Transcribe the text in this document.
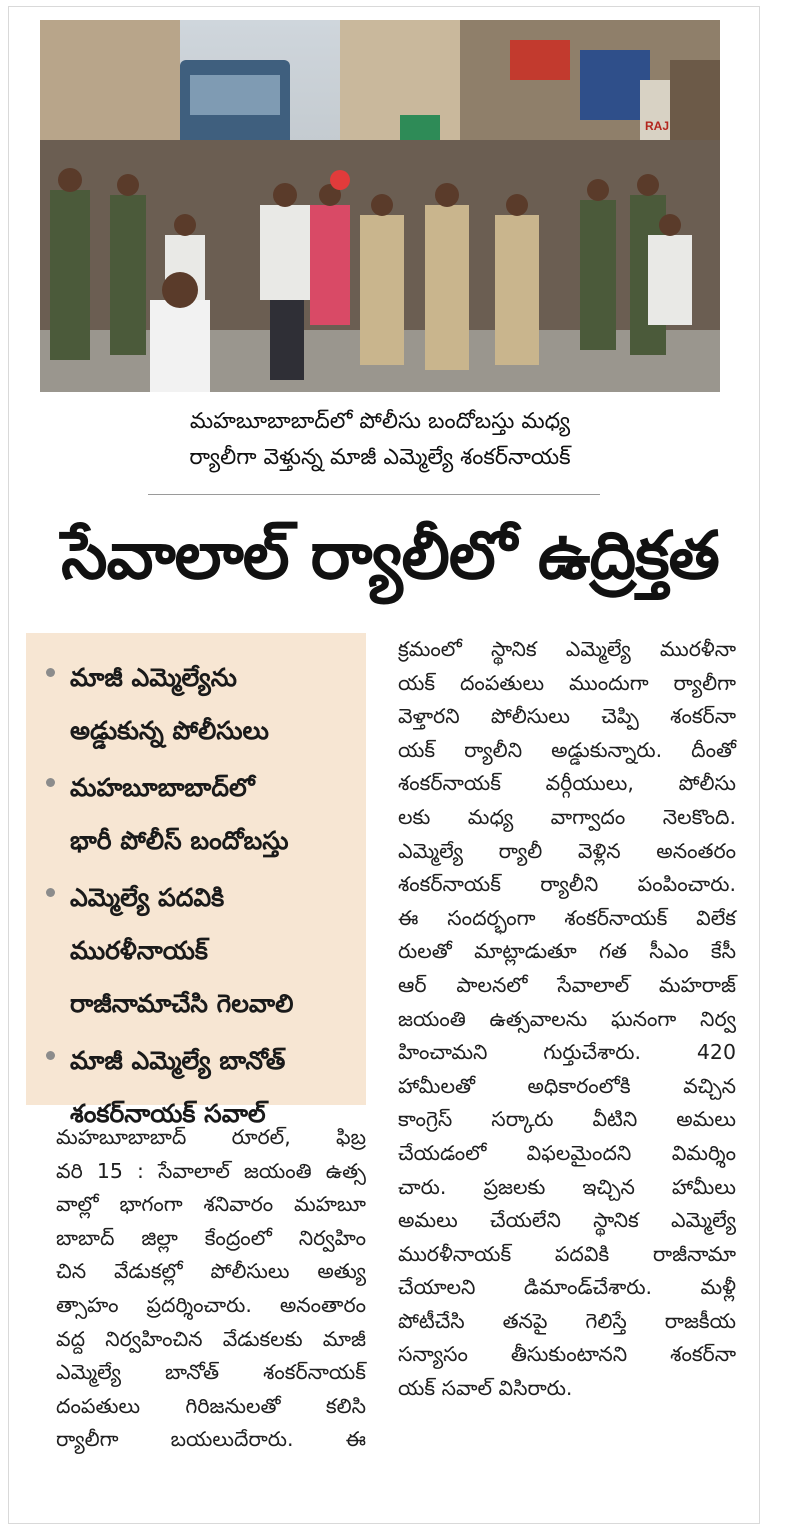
RAJ
మహబూబాబాద్‌లో పోలీసు బందోబస్తు మధ్య
ర్యాలీగా వెళ్తున్న మాజీ ఎమ్మెల్యే శంకర్‌నాయక్
సేవాలాల్ ర్యాలీలో ఉద్రిక్తత
మాజీ ఎమ్మెల్యేను
అడ్డుకున్న పోలీసులు
మహబూబాబాద్‌లో
భారీ పోలీస్ బందోబస్తు
ఎమ్మెల్యే పదవికి
మురళీనాయక్
రాజీనామాచేసి గెలవాలి
మాజీ ఎమ్మెల్యే బానోత్
శంకర్‌నాయక్ సవాల్
మహబూబాబాద్ రూరల్, ఫిబ్ర
వరి 15 : సేవాలాల్ జయంతి ఉత్స
వాల్లో భాగంగా శనివారం మహబూ
బాబాద్ జిల్లా కేంద్రంలో నిర్వహిం
చిన వేడుకల్లో పోలీసులు అత్యు
త్సాహం ప్రదర్శించారు. అనంతారం
వద్ద నిర్వహించిన వేడుకలకు మాజీ
ఎమ్మెల్యే బానోత్ శంకర్‌నాయక్
దంపతులు గిరిజనులతో కలిసి
ర్యాలీగా బయలుదేరారు. ఈ
క్రమంలో స్థానిక ఎమ్మెల్యే మురళీనా
యక్ దంపతులు ముందుగా ర్యాలీగా
వెళ్తారని పోలీసులు చెప్పి శంకర్‌నా
యక్ ర్యాలీని అడ్డుకున్నారు. దీంతో
శంకర్‌నాయక్ వర్గీయులు, పోలీసు
లకు మధ్య వాగ్వాదం నెలకొంది.
ఎమ్మెల్యే ర్యాలీ వెళ్లిన అనంతరం
శంకర్‌నాయక్ ర్యాలీని పంపించారు.
ఈ సందర్భంగా శంకర్‌నాయక్ విలేక
రులతో మాట్లాడుతూ గత సీఎం కేసీ
ఆర్ పాలనలో సేవాలాల్ మహరాజ్
జయంతి ఉత్సవాలను ఘనంగా నిర్వ
హించామని గుర్తుచేశారు. 420
హామీలతో అధికారంలోకి వచ్చిన
కాంగ్రెస్ సర్కారు వీటిని అమలు
చేయడంలో విఫలమైందని విమర్శిం
చారు. ప్రజలకు ఇచ్చిన హామీలు
అమలు చేయలేని స్థానిక ఎమ్మెల్యే
మురళీనాయక్ పదవికి రాజీనామా
చేయాలని డిమాండ్‌చేశారు. మళ్లీ
పోటీచేసి తనపై గెలిస్తే రాజకీయ
సన్యాసం తీసుకుంటానని శంకర్‌నా
యక్ సవాల్ విసిరారు.
